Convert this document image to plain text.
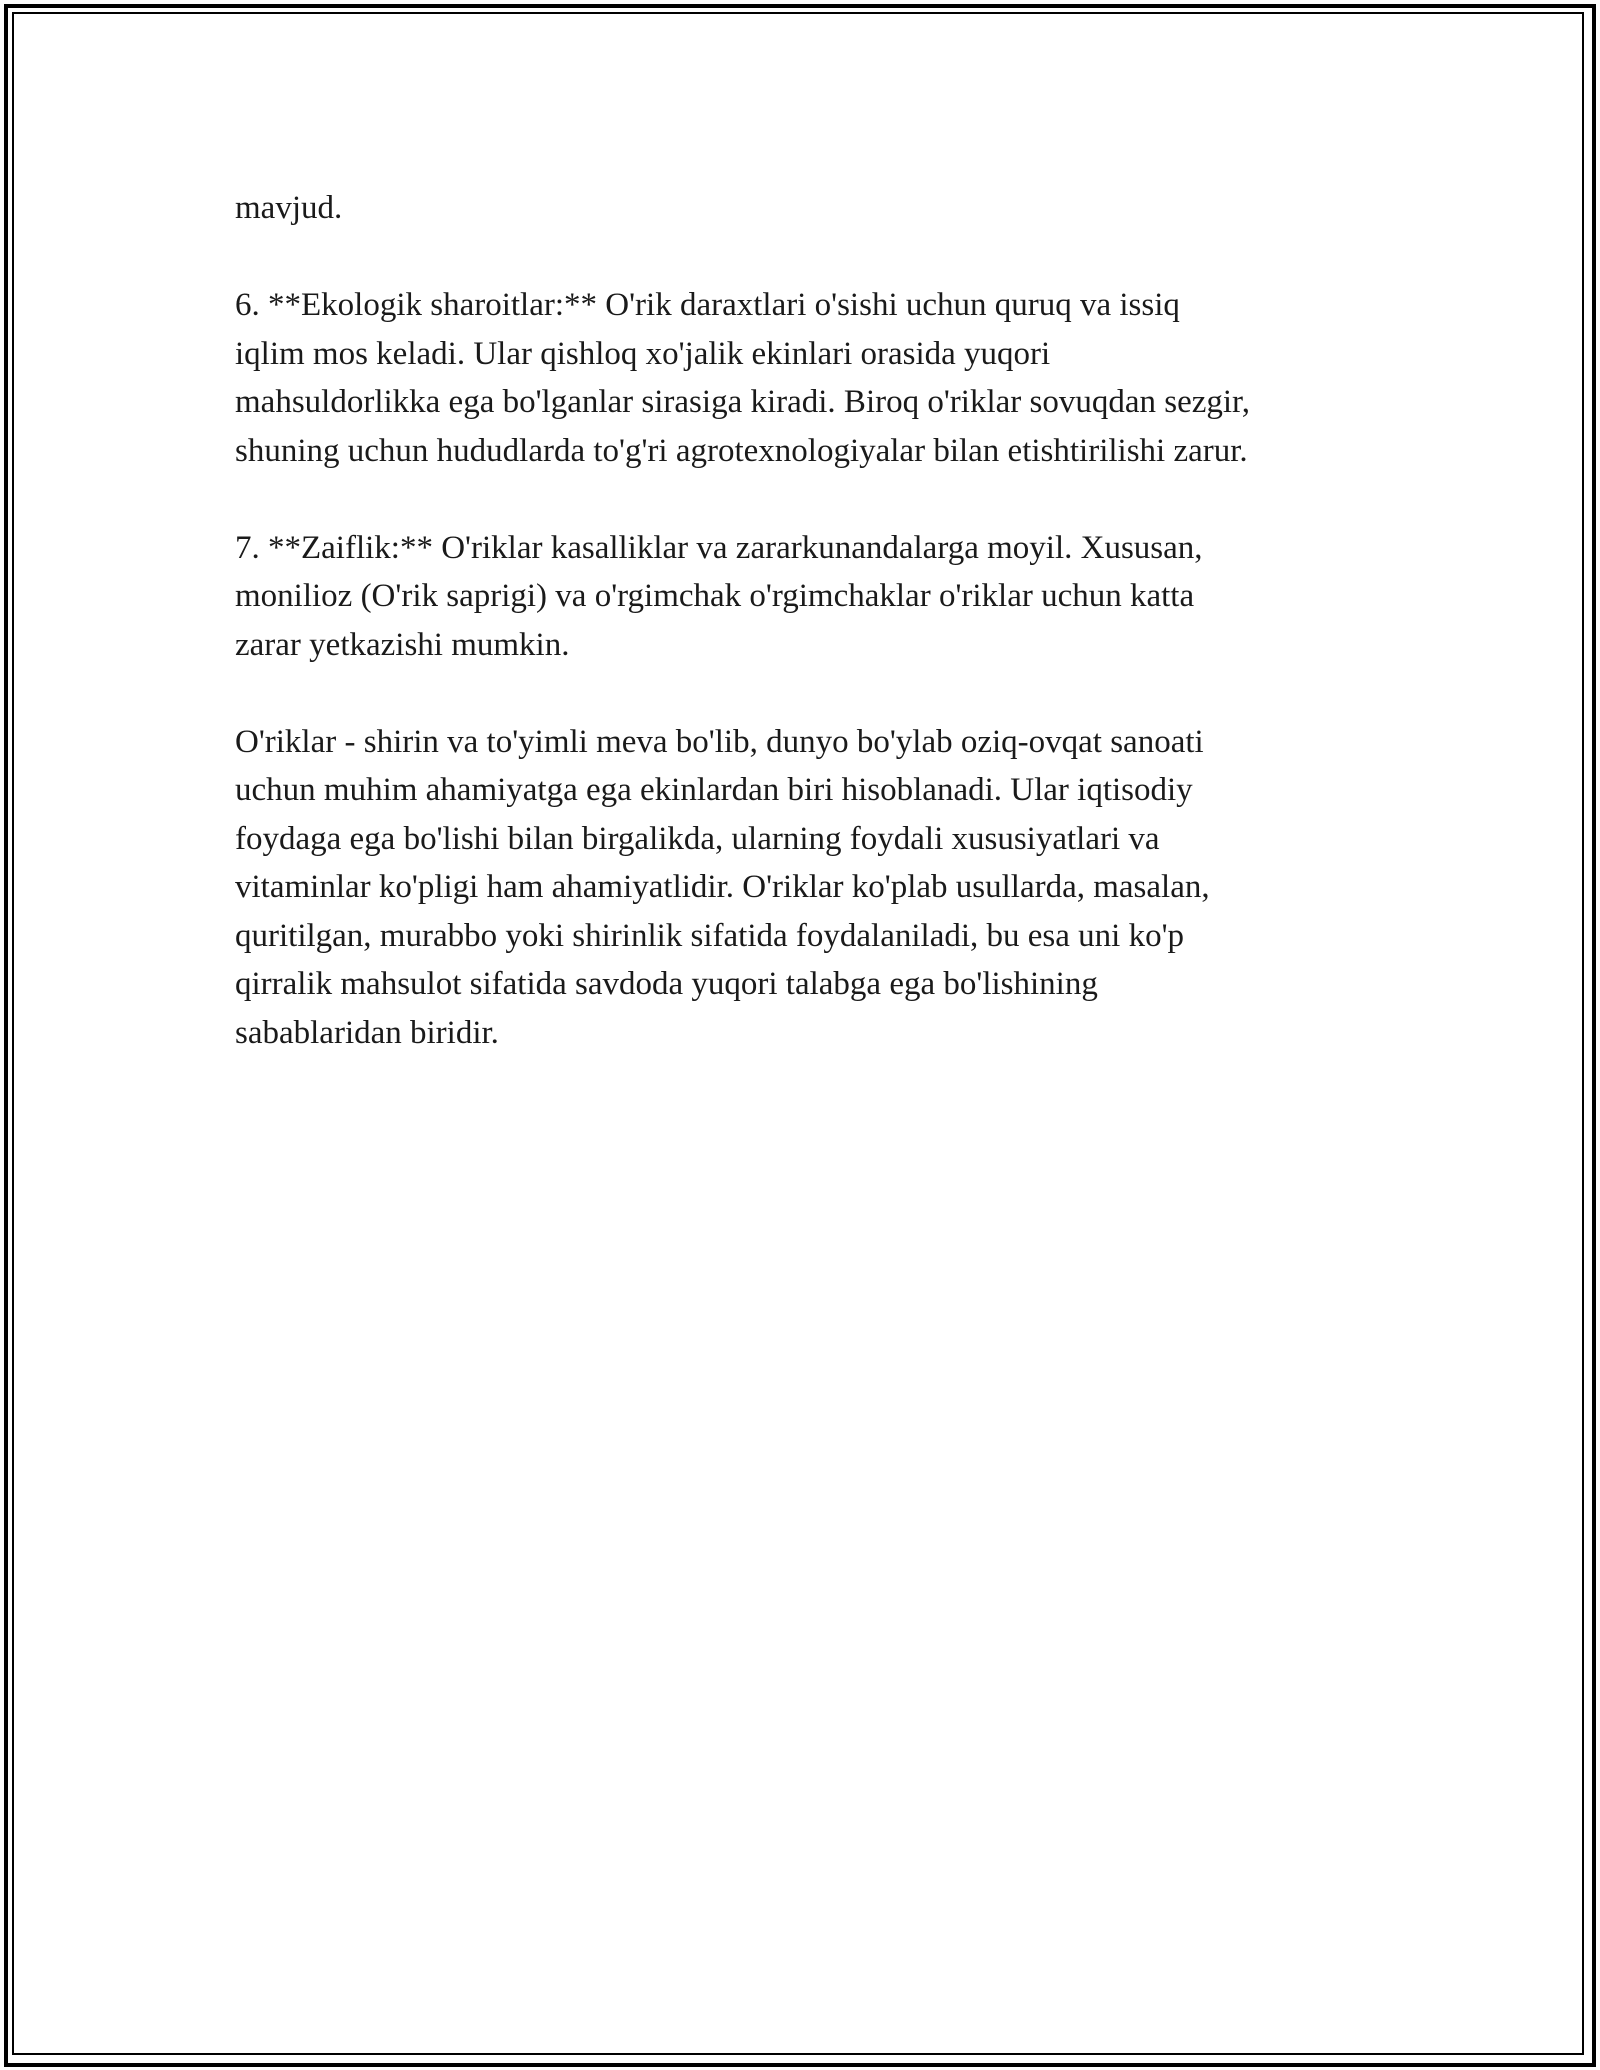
mavjud.

6. **Ekologik sharoitlar:** O'rik daraxtlari o'sishi uchun quruq va issiq
iqlim mos keladi. Ular qishloq xo'jalik ekinlari orasida yuqori
mahsuldorlikka ega bo'lganlar sirasiga kiradi. Biroq o'riklar sovuqdan sezgir,
shuning uchun hududlarda to'g'ri agrotexnologiyalar bilan etishtirilishi zarur.

7. **Zaiflik:** O'riklar kasalliklar va zararkunandalarga moyil. Xususan,
monilioz (O'rik saprigi) va o'rgimchak o'rgimchaklar o'riklar uchun katta
zarar yetkazishi mumkin.

O'riklar - shirin va to'yimli meva bo'lib, dunyo bo'ylab oziq-ovqat sanoati
uchun muhim ahamiyatga ega ekinlardan biri hisoblanadi. Ular iqtisodiy
foydaga ega bo'lishi bilan birgalikda, ularning foydali xususiyatlari va
vitaminlar ko'pligi ham ahamiyatlidir. O'riklar ko'plab usullarda, masalan,
quritilgan, murabbo yoki shirinlik sifatida foydalaniladi, bu esa uni ko'p
qirralik mahsulot sifatida savdoda yuqori talabga ega bo'lishining
sabablaridan biridir.
